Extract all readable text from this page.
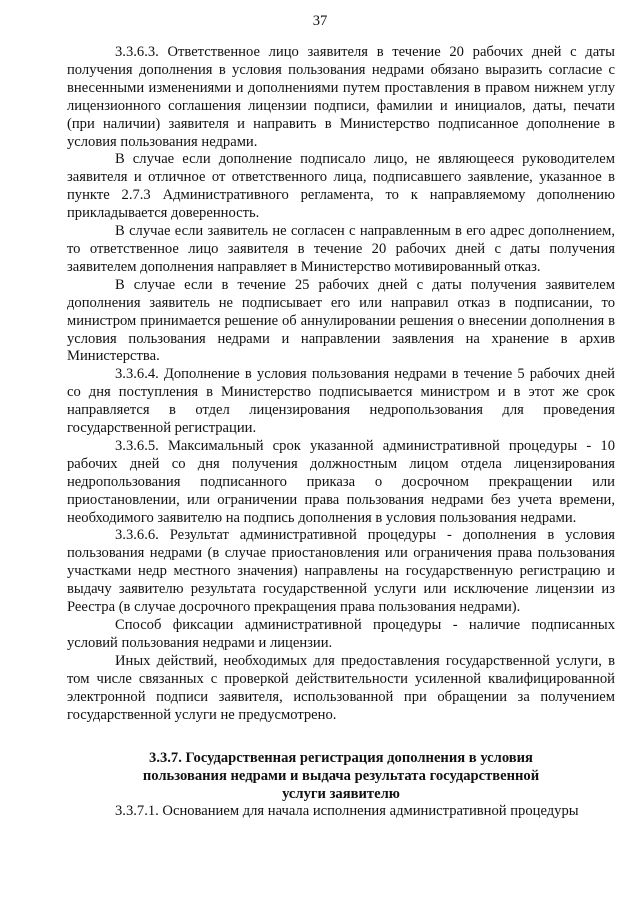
37

3.3.6.3. Ответственное лицо заявителя в течение 20 рабочих дней с даты получения дополнения в условия пользования недрами обязано выразить согласие с внесенными изменениями и дополнениями путем проставления в правом нижнем углу лицензионного соглашения лицензии подписи, фамилии и инициалов, даты, печати (при наличии) заявителя и направить в Министерство подписанное дополнение в условия пользования недрами.

В случае если дополнение подписало лицо, не являющееся руководителем заявителя и отличное от ответственного лица, подписавшего заявление, указанное в пункте 2.7.3 Административного регламента, то к направляемому дополнению прикладывается доверенность.

В случае если заявитель не согласен с направленным в его адрес дополнением, то ответственное лицо заявителя в течение 20 рабочих дней с даты получения заявителем дополнения направляет в Министерство мотивированный отказ.

В случае если в течение 25 рабочих дней с даты получения заявителем дополнения заявитель не подписывает его или направил отказ в подписании, то министром принимается решение об аннулировании решения о внесении дополнения в условия пользования недрами и направлении заявления на хранение в архив Министерства.

3.3.6.4. Дополнение в условия пользования недрами в течение 5 рабочих дней со дня поступления в Министерство подписывается министром и в этот же срок направляется в отдел лицензирования недропользования для проведения государственной регистрации.

3.3.6.5. Максимальный срок указанной административной процедуры - 10 рабочих дней со дня получения должностным лицом отдела лицензирования недропользования подписанного приказа о досрочном прекращении или приостановлении, или ограничении права пользования недрами без учета времени, необходимого заявителю на подпись дополнения в условия пользования недрами.

3.3.6.6. Результат административной процедуры - дополнения в условия пользования недрами (в случае приостановления или ограничения права пользования участками недр местного значения) направлены на государственную регистрацию и выдачу заявителю результата государственной услуги или исключение лицензии из Реестра (в случае досрочного прекращения права пользования недрами).

Способ фиксации административной процедуры - наличие подписанных условий пользования недрами и лицензии.

Иных действий, необходимых для предоставления государственной услуги, в том числе связанных с проверкой действительности усиленной квалифицированной электронной подписи заявителя, использованной при обращении за получением государственной услуги не предусмотрено.

3.3.7. Государственная регистрация дополнения в условия
пользования недрами и выдача результата государственной
услуги заявителю

3.3.7.1. Основанием для начала исполнения административной процедуры
